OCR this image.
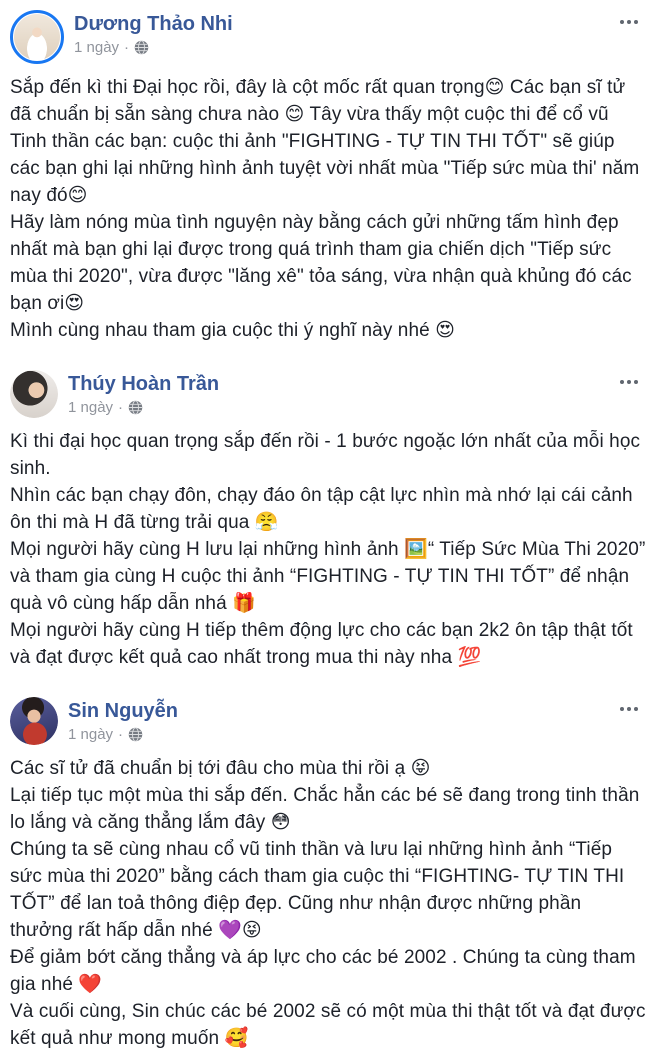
Dương Thảo Nhi
1 ngày ·

Sắp đến kì thi Đại học rồi, đây là cột mốc rất quan trọng😊 Các bạn sĩ tử đã chuẩn bị sẵn sàng chưa nào 😊 Tây vừa thấy một cuộc thi để cổ vũ Tinh thần các bạn: cuộc thi ảnh "FIGHTING - TỰ TIN THI TỐT" sẽ giúp các bạn ghi lại những hình ảnh tuyệt vời nhất mùa "Tiếp sức mùa thi' năm nay đó😊

Hãy làm nóng mùa tình nguyện này bằng cách gửi những tấm hình đẹp nhất mà bạn ghi lại được trong quá trình tham gia chiến dịch "Tiếp sức mùa thi 2020", vừa được "lăng xê" tỏa sáng, vừa nhận quà khủng đó các bạn ơi😍

Mình cùng nhau tham gia cuộc thi ý nghĩ này nhé 😍

Thúy Hoàn Trần
1 ngày ·

Kì thi đại học quan trọng sắp đến rồi - 1 bước ngoặc lớn nhất của mỗi học sinh.

Nhìn các bạn chạy đôn, chạy đáo ôn tập cật lực nhìn mà nhớ lại cái cảnh ôn thi mà H đã từng trải qua 😤

Mọi người hãy cùng H lưu lại những hình ảnh 🖼️“ Tiếp Sức Mùa Thi 2020” và tham gia cùng H cuộc thi ảnh “FIGHTING - TỰ TIN THI TỐT” để nhận quà vô cùng hấp dẫn nhá 🎁

Mọi người hãy cùng H tiếp thêm động lực cho các bạn 2k2 ôn tập thật tốt và đạt được kết quả cao nhất trong mua thi này nha 💯

Sin Nguyễn
1 ngày ·

Các sĩ tử đã chuẩn bị tới đâu cho mùa thi rồi ạ 😝

Lại tiếp tục một mùa thi sắp đến. Chắc hẳn các bé sẽ đang trong tinh thần lo lắng và căng thẳng lắm đây 😳

Chúng ta sẽ cùng nhau cổ vũ tinh thần và lưu lại những hình ảnh “Tiếp sức mùa thi 2020” bằng cách tham gia cuộc thi “FIGHTING- TỰ TIN THI TỐT” để lan toả thông điệp đẹp. Cũng như nhận được những phần thưởng rất hấp dẫn nhé 💜😝

Để giảm bớt căng thẳng và áp lực cho các bé 2002 . Chúng ta cùng tham gia nhé ❤️

Và cuối cùng, Sin chúc các bé 2002 sẽ có một mùa thi thật tốt và đạt được kết quả như mong muốn 🥰
